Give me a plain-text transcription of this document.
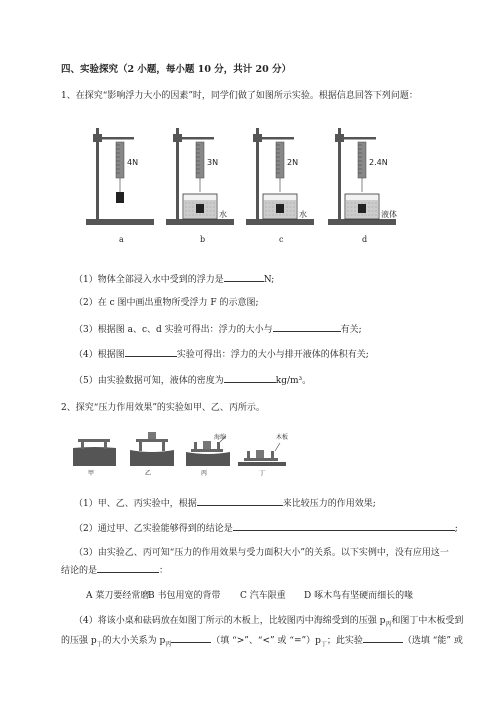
四、实验探究（2 小题，每小题 10 分，共计 20 分）
1、在探究“影响浮力大小的因素”时，同学们做了如图所示实验。根据信息回答下列问题：
4N	3N
水
2N
水
2.4N
液体
a	b	c	d
（1）物体全部浸入水中受到的浮力是	N;
（2）在 c 图中画出重物所受浮力 F 的示意图;
（3）根据图 a、c、d 实验可得出：浮力的大小与	有关;
（4）根据图	实验可得出：浮力的大小与排开液体的体积有关;
（5）由实验数据可知，液体的密度为	kg/m³。
2、探究“压力作用效果”的实验如甲、乙、丙所示。
海绵	木板
甲	乙	丙	丁
（1）甲、乙、丙实验中，根据	来比较压力的作用效果;
（2）通过甲、乙实验能够得到的结论是	;
（3）由实验乙、丙可知“压力的作用效果与受力面积大小”的关系。以下实例中，没有应用这一
结论的是	：
A 菜刀要经常磨
B 书包用宽的背带 C 汽车限重 D 啄木鸟有坚硬而细长的喙
（4）将该小桌和砝码放在如图丁所示的木板上，比较图丙中海绵受到的压强 $p_丙$和图丁中木板受到
的压强 $p_丁$的大小关系为 $p_丙$	（填 “>”、“<” 或 “$=”)p_丁$；此实验	（选填 “能” 或
